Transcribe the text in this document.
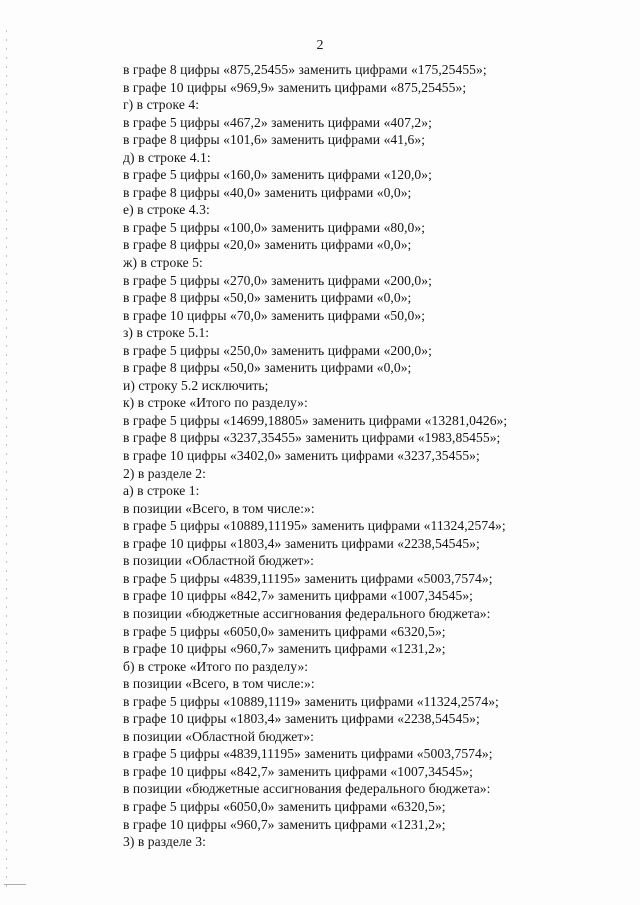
2
в графе 8 цифры «875,25455» заменить цифрами «175,25455»;
в графе 10 цифры «969,9» заменить цифрами «875,25455»;
г) в строке 4:
в графе 5 цифры «467,2» заменить цифрами «407,2»;
в графе 8 цифры «101,6» заменить цифрами «41,6»;
д) в строке 4.1:
в графе 5 цифры «160,0» заменить цифрами «120,0»;
в графе 8 цифры «40,0» заменить цифрами «0,0»;
е) в строке 4.3:
в графе 5 цифры «100,0» заменить цифрами «80,0»;
в графе 8 цифры «20,0» заменить цифрами «0,0»;
ж) в строке 5:
в графе 5 цифры «270,0» заменить цифрами «200,0»;
в графе 8 цифры «50,0» заменить цифрами «0,0»;
в графе 10 цифры «70,0» заменить цифрами «50,0»;
з) в строке 5.1:
в графе 5 цифры «250,0» заменить цифрами «200,0»;
в графе 8 цифры «50,0» заменить цифрами «0,0»;
и) строку 5.2 исключить;
к) в строке «Итого по разделу»:
в графе 5 цифры «14699,18805» заменить цифрами «13281,0426»;
в графе 8 цифры «3237,35455» заменить цифрами «1983,85455»;
в графе 10 цифры «3402,0» заменить цифрами «3237,35455»;
2) в разделе 2:
а) в строке 1:
в позиции «Всего, в том числе:»:
в графе 5 цифры «10889,11195» заменить цифрами «11324,2574»;
в графе 10 цифры «1803,4» заменить цифрами «2238,54545»;
в позиции «Областной бюджет»:
в графе 5 цифры «4839,11195» заменить цифрами «5003,7574»;
в графе 10 цифры «842,7» заменить цифрами «1007,34545»;
в позиции «бюджетные ассигнования федерального бюджета»:
в графе 5 цифры «6050,0» заменить цифрами «6320,5»;
в графе 10 цифры «960,7» заменить цифрами «1231,2»;
б) в строке «Итого по разделу»:
в позиции «Всего, в том числе:»:
в графе 5 цифры «10889,1119» заменить цифрами «11324,2574»;
в графе 10 цифры «1803,4» заменить цифрами «2238,54545»;
в позиции «Областной бюджет»:
в графе 5 цифры «4839,11195» заменить цифрами «5003,7574»;
в графе 10 цифры «842,7» заменить цифрами «1007,34545»;
в позиции «бюджетные ассигнования федерального бюджета»:
в графе 5 цифры «6050,0» заменить цифрами «6320,5»;
в графе 10 цифры «960,7» заменить цифрами «1231,2»;
3) в разделе 3:
